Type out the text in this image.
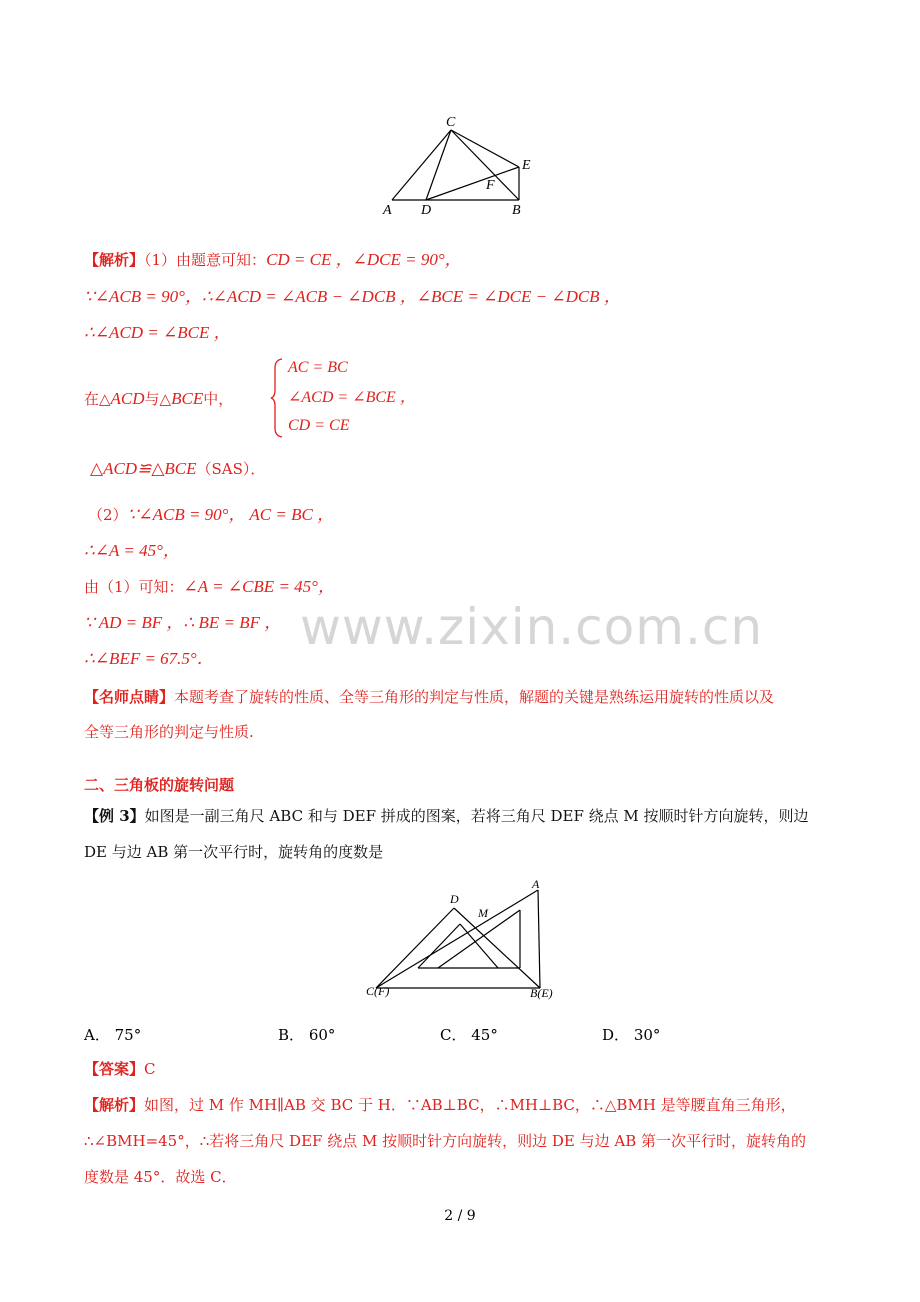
C
E
F
A D	B
【解析】（1）由题意可知：CD = CE ，∠DCE = 90°，
∵∠ACB = 90°，∴∠ACD = ∠ACB − ∠DCB ，∠BCE = ∠DCE − ∠DCB ，
∴∠ACD = ∠BCE ，
在△ACD与△BCE中，
AC = BC
∠ACD = ∠BCE ，
CD = CE
△ACD≌△BCE（SAS）．
（2）∵∠ACB = 90°， AC = BC ，
∴∠A = 45°，
由（1）可知：∠A = ∠CBE = 45°，
∵ AD = BF ，∴ BE = BF ，
∴∠BEF = 67.5°．
www.zixin.com.cn
【名师点睛】本题考查了旋转的性质、全等三角形的判定与性质，解题的关键是熟练运用旋转的性质以及
全等三角形的判定与性质.
二、三角板的旋转问题
【例 3】如图是一副三角尺 ABC 和与 DEF 拼成的图案，若将三角尺 DEF 绕点 M 按顺时针方向旋转，则边
DE 与边 AB 第一次平行时，旋转角的度数是
D
M
A
C(F)	B(E)
A． 75°	B． 60°	C． 45°	D． 30°
【答案】C
【解析】如图，过 M 作 MH∥AB 交 BC 于 H．∵AB⊥BC，∴MH⊥BC，∴△BMH 是等腰直角三角形，
∴∠BMH=45°，∴若将三角尺 DEF 绕点 M 按顺时针方向旋转，则边 DE 与边 AB 第一次平行时，旋转角的
度数是 45°．故选 C．
2 / 9
